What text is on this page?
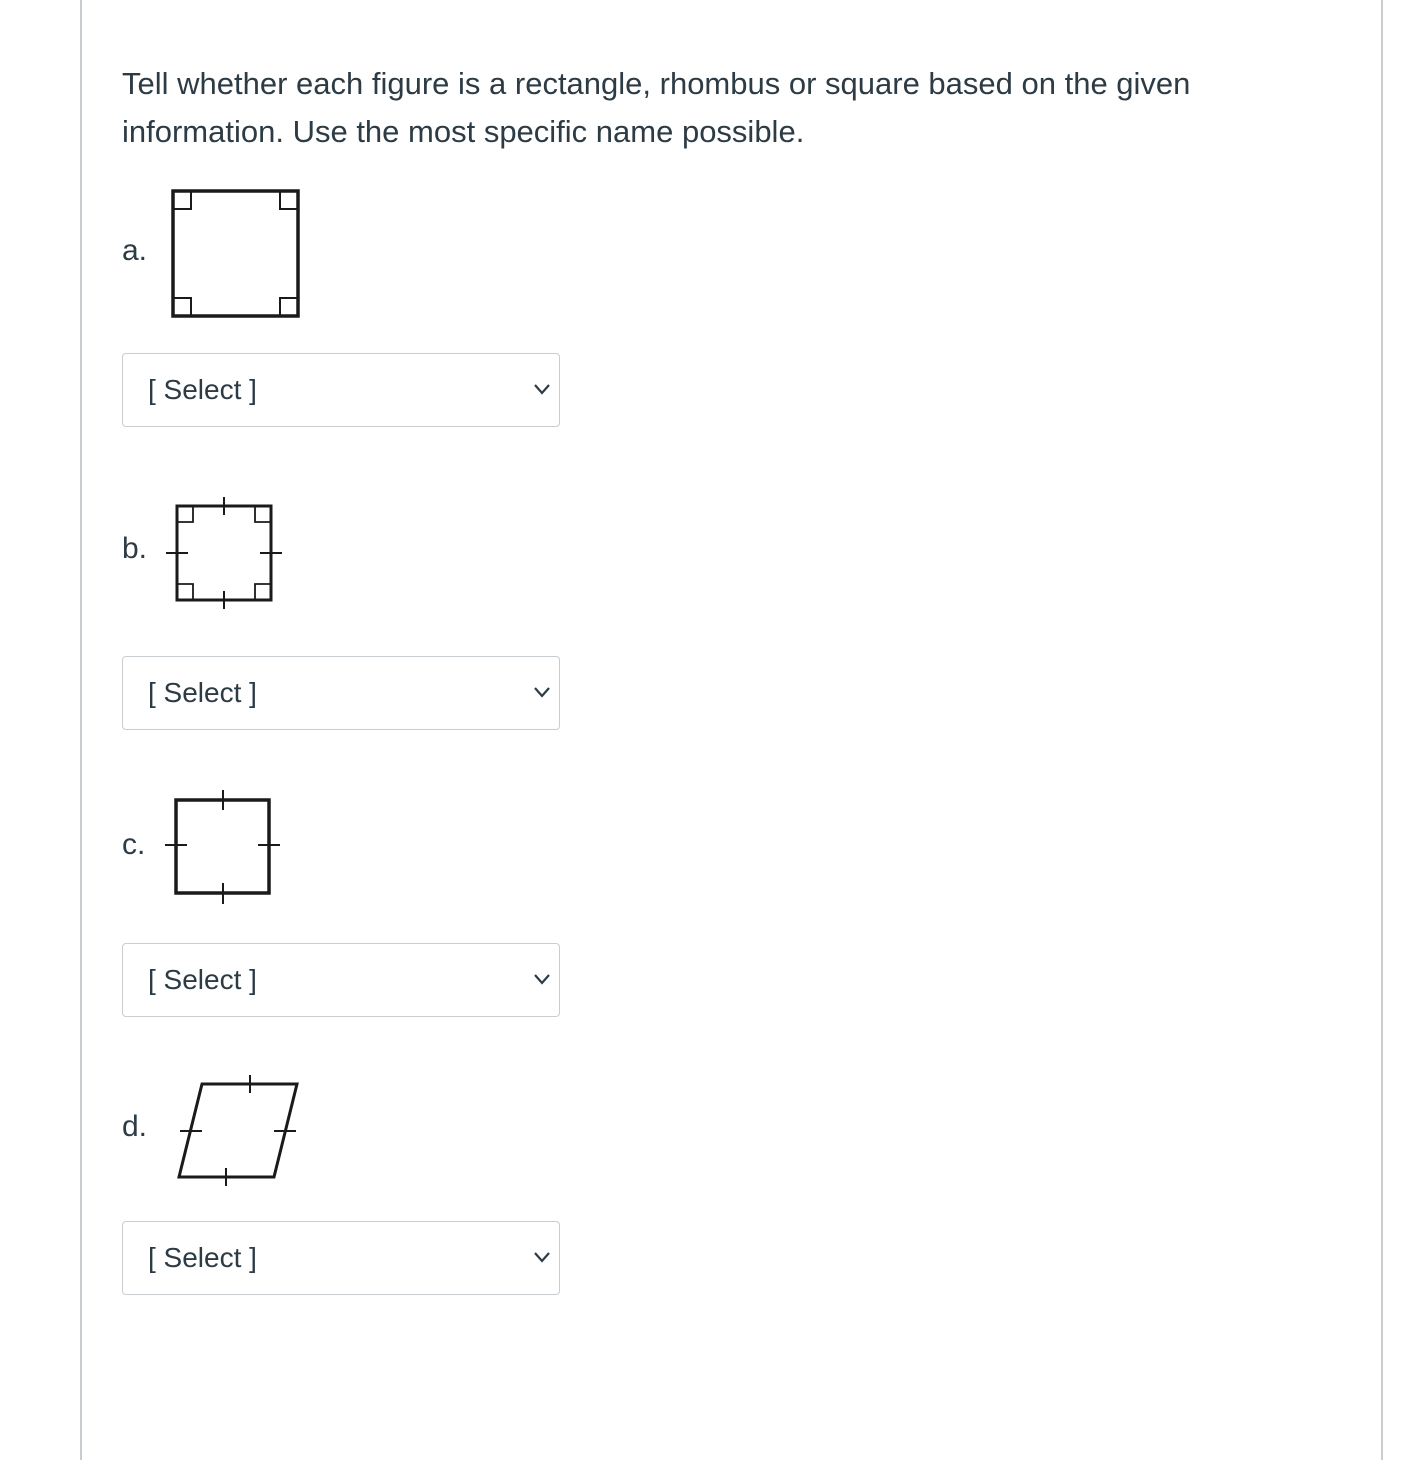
Tell whether each figure is a rectangle, rhombus or square based on the given information. Use the most specific name possible.

a.
[ Select ]
b.
[ Select ]
c.
[ Select ]
d.
[ Select ]
